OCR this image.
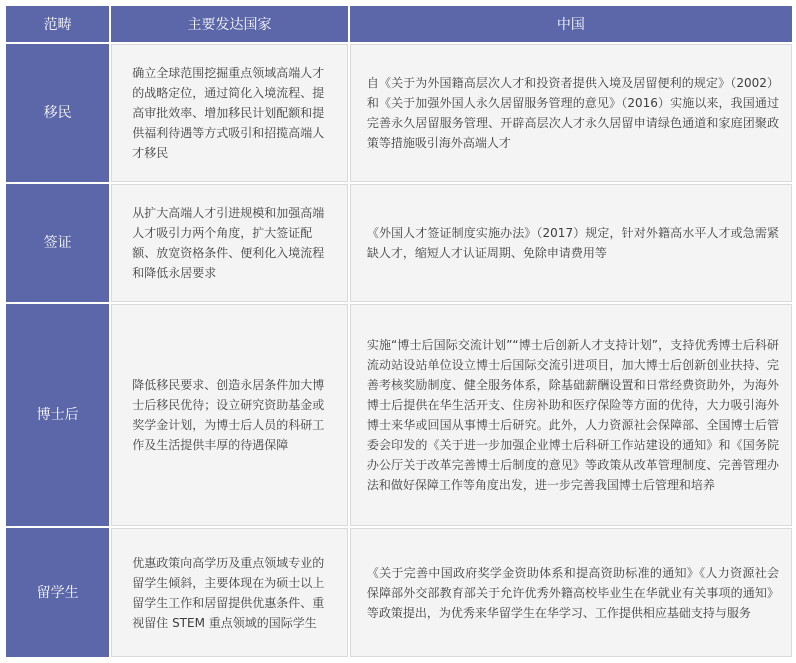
范畴	主要发达国家	中国
移民	确立全球范围挖掘重点领域高端人才的战略定位，通过简化入境流程、提高审批效率、增加移民计划配额和提供福利待遇等方式吸引和招揽高端人才移民	自《关于为外国籍高层次人才和投资者提供入境及居留便利的规定》（2002）和《关于加强外国人永久居留服务管理的意见》（2016）实施以来，我国通过完善永久居留服务管理、开辟高层次人才永久居留申请绿色通道和家庭团聚政策等措施吸引海外高端人才
签证	从扩大高端人才引进规模和加强高端人才吸引力两个角度，扩大签证配额、放宽资格条件、便利化入境流程和降低永居要求	《外国人才签证制度实施办法》（2017）规定，针对外籍高水平人才或急需紧缺人才，缩短人才认证周期、免除申请费用等
博士后	降低移民要求、创造永居条件加大博士后移民优待；设立研究资助基金或奖学金计划，为博士后人员的科研工作及生活提供丰厚的待遇保障	实施“博士后国际交流计划”“博士后创新人才支持计划”，支持优秀博士后科研流动站设站单位设立博士后国际交流引进项目，加大博士后创新创业扶持、完善考核奖励制度、健全服务体系，除基础薪酬设置和日常经费资助外，为海外博士后提供在华生活开支、住房补助和医疗保险等方面的优待，大力吸引海外博士来华或回国从事博士后研究。此外，人力资源社会保障部、全国博士后管委会印发的《关于进一步加强企业博士后科研工作站建设的通知》和《国务院办公厅关于改革完善博士后制度的意见》等政策从改革管理制度、完善管理办法和做好保障工作等角度出发，进一步完善我国博士后管理和培养
留学生	优惠政策向高学历及重点领域专业的留学生倾斜，主要体现在为硕士以上留学生工作和居留提供优惠条件、重视留住 STEM 重点领域的国际学生	《关于完善中国政府奖学金资助体系和提高资助标准的通知》《人力资源社会保障部外交部教育部关于允许优秀外籍高校毕业生在华就业有关事项的通知》等政策提出，为优秀来华留学生在华学习、工作提供相应基础支持与服务
